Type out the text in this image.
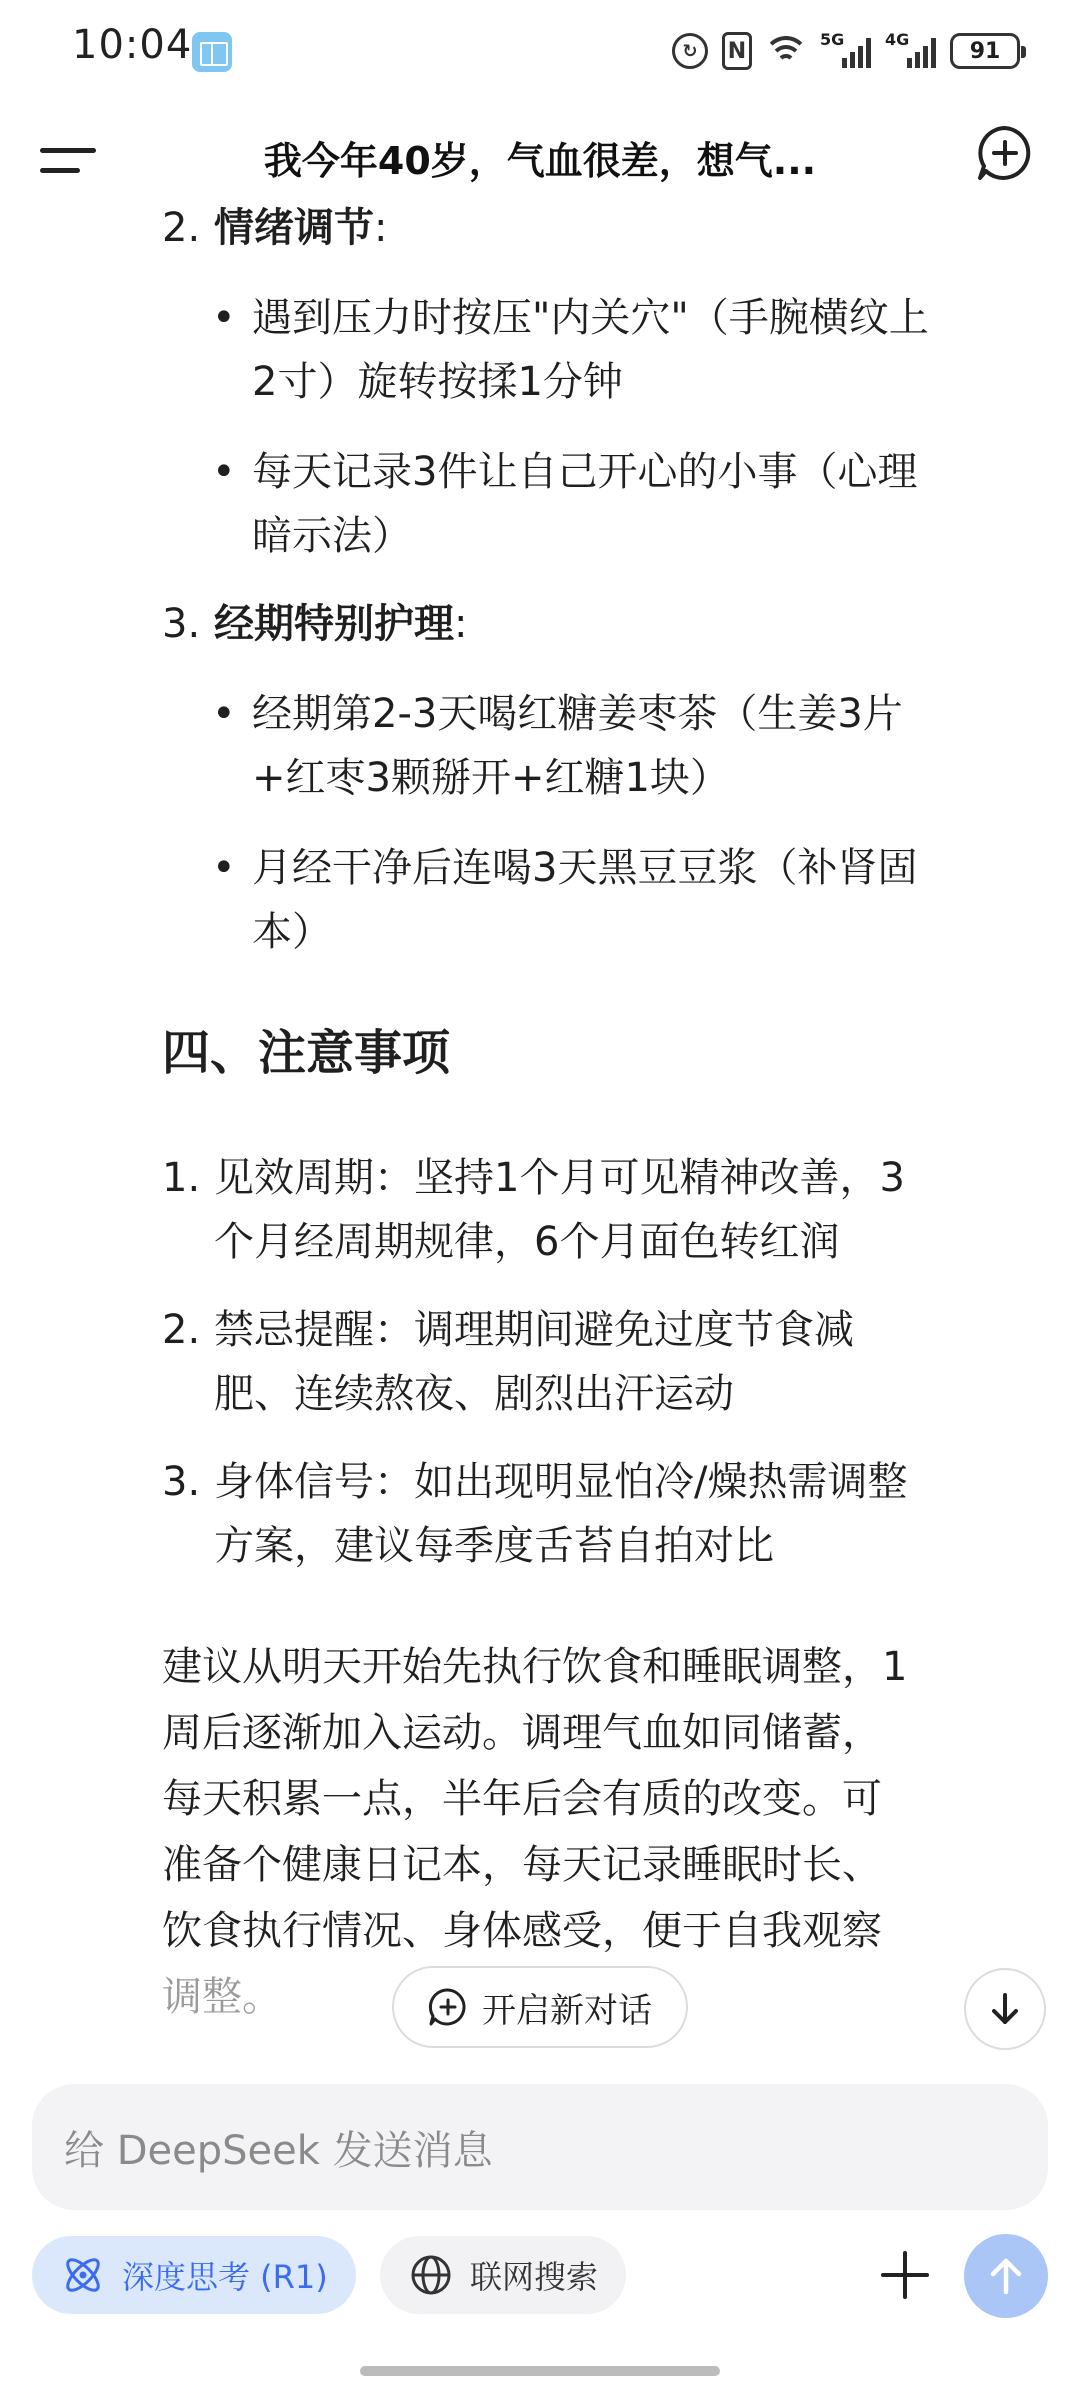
10:04	↻	N	5G	4G	91
我今年40岁，气血很差，想气...
2. 情绪调节:
• 遇到压力时按压"内关穴"（手腕横纹上
2寸）旋转按揉1分钟
• 每天记录3件让自己开心的小事（心理
暗示法）
3. 经期特别护理:
• 经期第2-3天喝红糖姜枣茶（生姜3片
+红枣3颗掰开+红糖1块）
• 月经干净后连喝3天黑豆豆浆（补肾固
本）
四、注意事项
1. 见效周期：坚持1个月可见精神改善，3
个月经周期规律，6个月面色转红润
2. 禁忌提醒：调理期间避免过度节食减
肥、连续熬夜、剧烈出汗运动
3. 身体信号：如出现明显怕冷/燥热需调整
方案，建议每季度舌苔自拍对比
建议从明天开始先执行饮食和睡眠调整，1
周后逐渐加入运动。调理气血如同储蓄，
每天积累一点，半年后会有质的改变。可
准备个健康日记本，每天记录睡眠时长、
饮食执行情况、身体感受，便于自我观察
调整。	开启新对话
给 DeepSeek 发送消息
深度思考 (R1)	联网搜索
